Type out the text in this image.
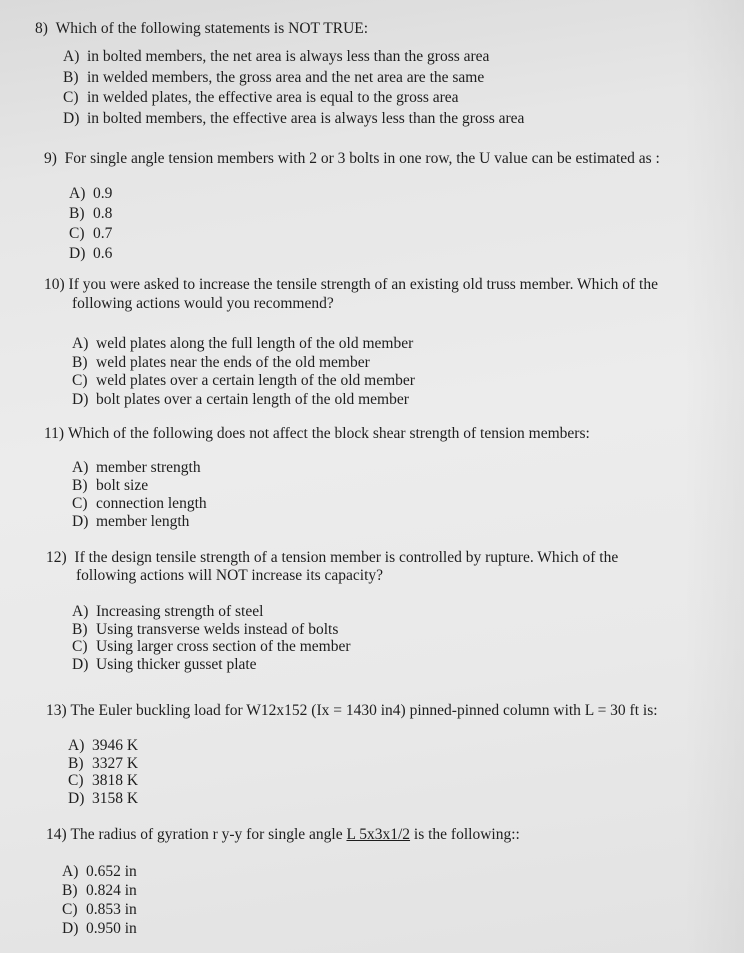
8) Which of the following statements is NOT TRUE:
A) in bolted members, the net area is always less than the gross area
B) in welded members, the gross area and the net area are the same
C) in welded plates, the effective area is equal to the gross area
D) in bolted members, the effective area is always less than the gross area
9) For single angle tension members with 2 or 3 bolts in one row, the U value can be estimated as :
A) 0.9
B) 0.8
C) 0.7
D) 0.6
10) If you were asked to increase the tensile strength of an existing old truss member. Which of the
following actions would you recommend?
A) weld plates along the full length of the old member
B) weld plates near the ends of the old member
C) weld plates over a certain length of the old member
D) bolt plates over a certain length of the old member
11) Which of the following does not affect the block shear strength of tension members:
A) member strength
B) bolt size
C) connection length
D) member length
12) If the design tensile strength of a tension member is controlled by rupture. Which of the
following actions will NOT increase its capacity?
A) Increasing strength of steel
B) Using transverse welds instead of bolts
C) Using larger cross section of the member
D) Using thicker gusset plate
13) The Euler buckling load for W12x152 (Ix = 1430 in4) pinned-pinned column with L = 30 ft is:
A) 3946 K
B) 3327 K
C) 3818 K
D) 3158 K
14) The radius of gyration r y-y for single angle L 5x3x1/2 is the following::
A) 0.652 in
B) 0.824 in
C) 0.853 in
D) 0.950 in
